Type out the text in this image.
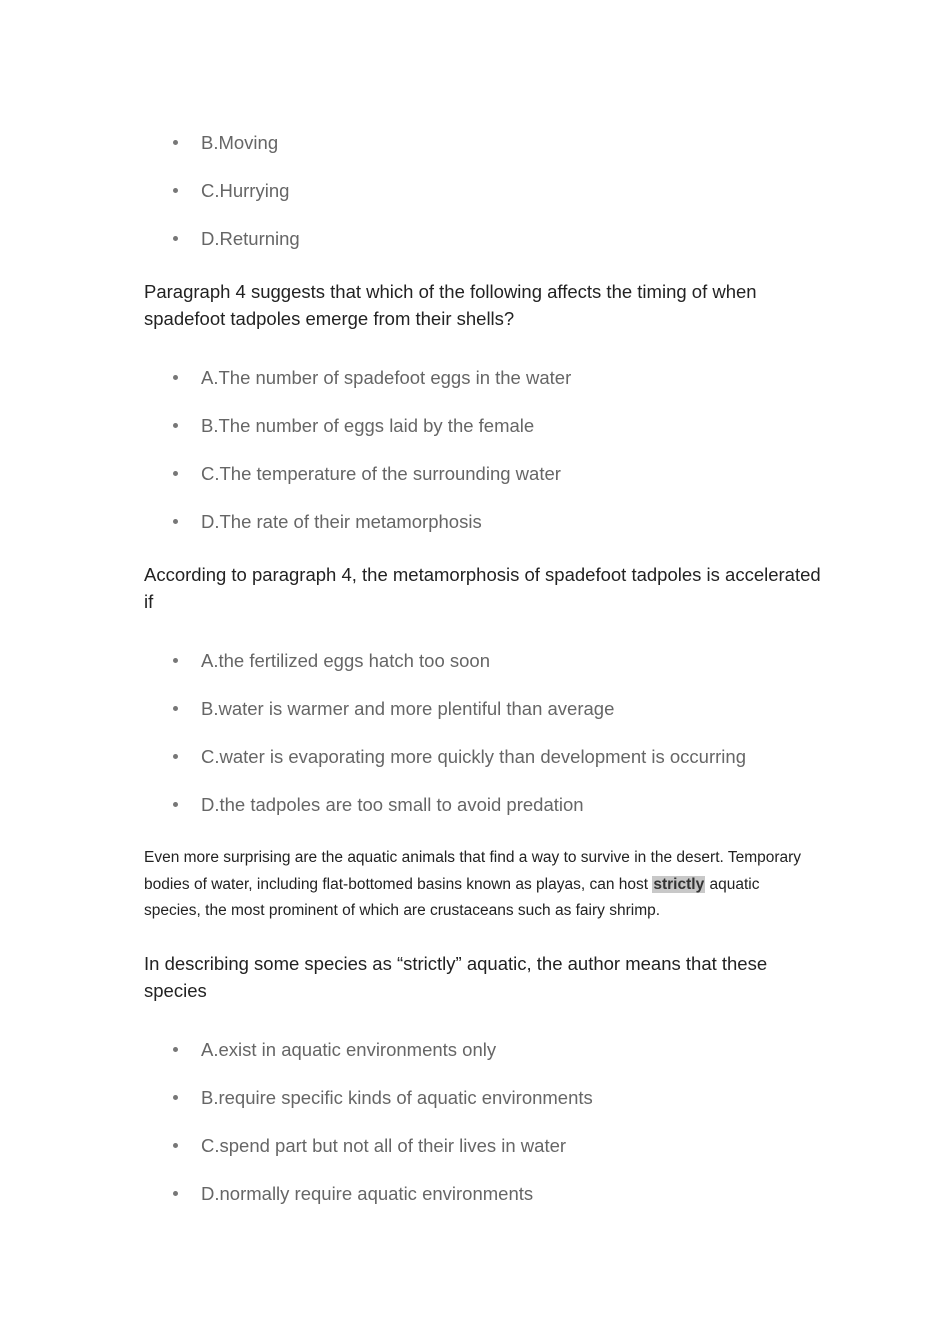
B.Moving
C.Hurrying
D.Returning

Paragraph 4 suggests that which of the following affects the timing of when spadefoot tadpoles emerge from their shells?

A.The number of spadefoot eggs in the water
B.The number of eggs laid by the female
C.The temperature of the surrounding water
D.The rate of their metamorphosis

According to paragraph 4, the metamorphosis of spadefoot tadpoles is accelerated if

A.the fertilized eggs hatch too soon
B.water is warmer and more plentiful than average
C.water is evaporating more quickly than development is occurring
D.the tadpoles are too small to avoid predation

Even more surprising are the aquatic animals that find a way to survive in the desert. Temporary bodies of water, including flat-bottomed basins known as playas, can host strictly aquatic species, the most prominent of which are crustaceans such as fairy shrimp.

In describing some species as “strictly” aquatic, the author means that these species

A.exist in aquatic environments only
B.require specific kinds of aquatic environments
C.spend part but not all of their lives in water
D.normally require aquatic environments
